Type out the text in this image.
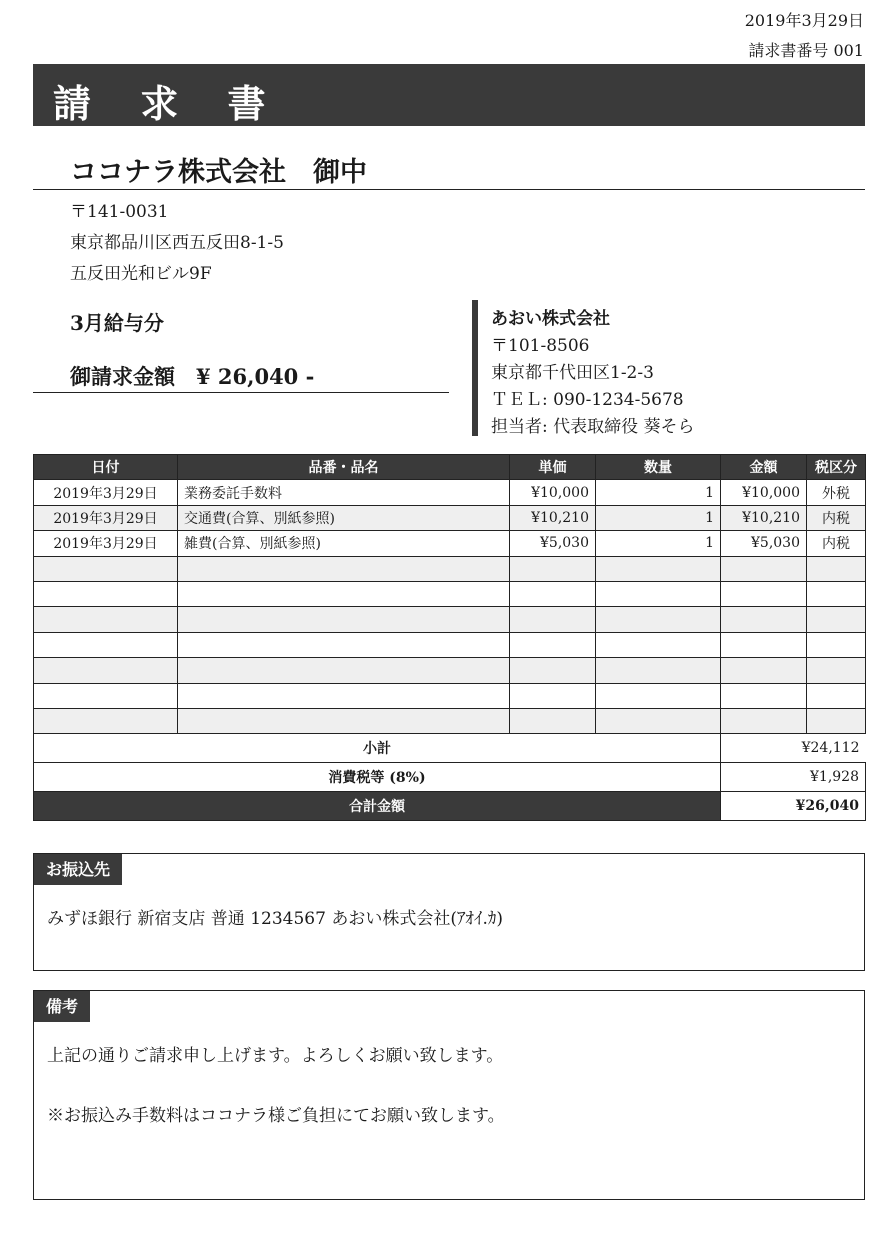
2019年3月29日
請求書番号 001
請 求 書
ココナラ株式会社　御中
〒141-0031
東京都品川区西五反田8-1-5
五反田光和ビル9F
3月給与分
御請求金額　¥ 26,040 -
あおい株式会社
〒101-8506
東京都千代田区1-2-3
ＴＥＬ: 090-1234-5678
担当者: 代表取締役 葵そら
日付	品番・品名	単価	数量	金額	税区分
2019年3月29日	業務委託手数料	¥10,000	1	¥10,000	外税
2019年3月29日	交通費(合算、別紙参照)	¥10,210	1	¥10,210	内税
2019年3月29日	雑費(合算、別紙参照)	¥5,030	1	¥5,030	内税

小計				¥24,112	
消費税等 (8%)				¥1,928	
合計金額				¥26,040	
お振込先
みずほ銀行 新宿支店 普通 1234567 あおい株式会社(ｱｵｲ.ｶ)
備考
上記の通りご請求申し上げます。よろしくお願い致します。
※お振込み手数料はココナラ様ご負担にてお願い致します。
